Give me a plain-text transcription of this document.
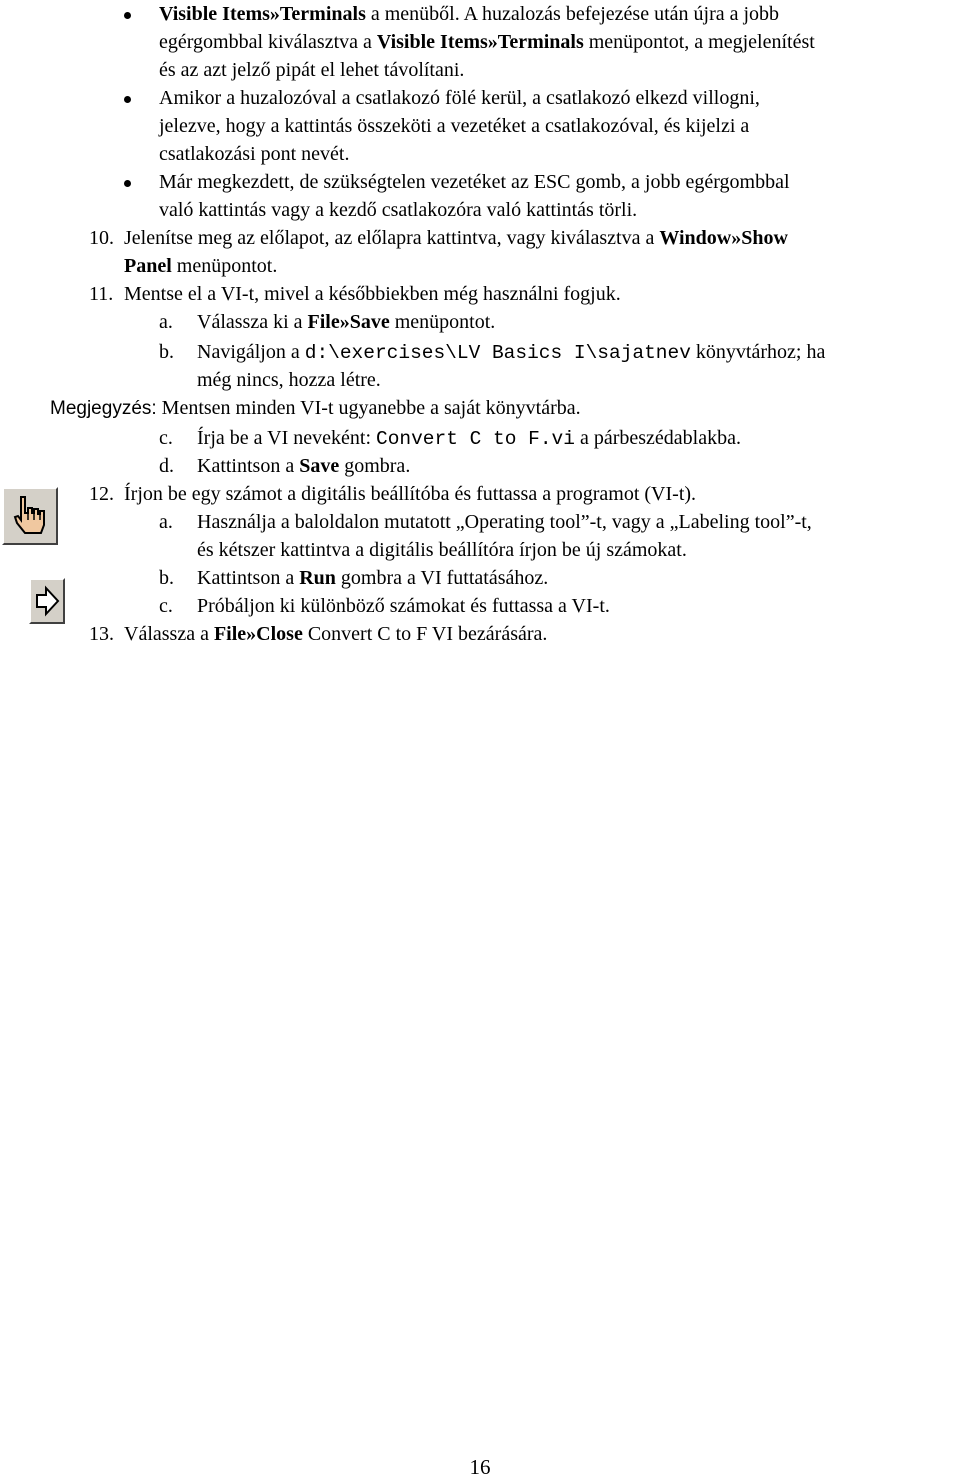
Visible Items»Terminals a menüből. A huzalozás befejezése után újra a jobb
egérgombbal kiválasztva a Visible Items»Terminals menüpontot, a megjelenítést
és az azt jelző pipát el lehet távolítani.
Amikor a huzalozóval a csatlakozó fölé kerül, a csatlakozó elkezd villogni,
jelezve, hogy a kattintás összeköti a vezetéket a csatlakozóval, és kijelzi a
csatlakozási pont nevét.
Már megkezdett, de szükségtelen vezetéket az ESC gomb, a jobb egérgombbal
való kattintás vagy a kezdő csatlakozóra való kattintás törli.
10. Jelenítse meg az előlapot, az előlapra kattintva, vagy kiválasztva a Window»Show
Panel menüpontot.
11. Mentse el a VI-t, mivel a későbbiekben még használni fogjuk.
a. Válassza ki a File»Save menüpontot.
b. Navigáljon a d:\exercises\LV Basics I\sajatnev könyvtárhoz; ha
még nincs, hozza létre.
Megjegyzés: Mentsen minden VI-t ugyanebbe a saját könyvtárba.
c. Írja be a VI neveként: Convert C to F.vi a párbeszédablakba.
d. Kattintson a Save gombra.
12. Írjon be egy számot a digitális beállítóba és futtassa a programot (VI-t).
a. Használja a baloldalon mutatott „Operating tool”-t, vagy a „Labeling tool”-t,
és kétszer kattintva a digitális beállítóra írjon be új számokat.
b. Kattintson a Run gombra a VI futtatásához.
c. Próbáljon ki különböző számokat és futtassa a VI-t.
13. Válassza a File»Close Convert C to F VI bezárására.
16
